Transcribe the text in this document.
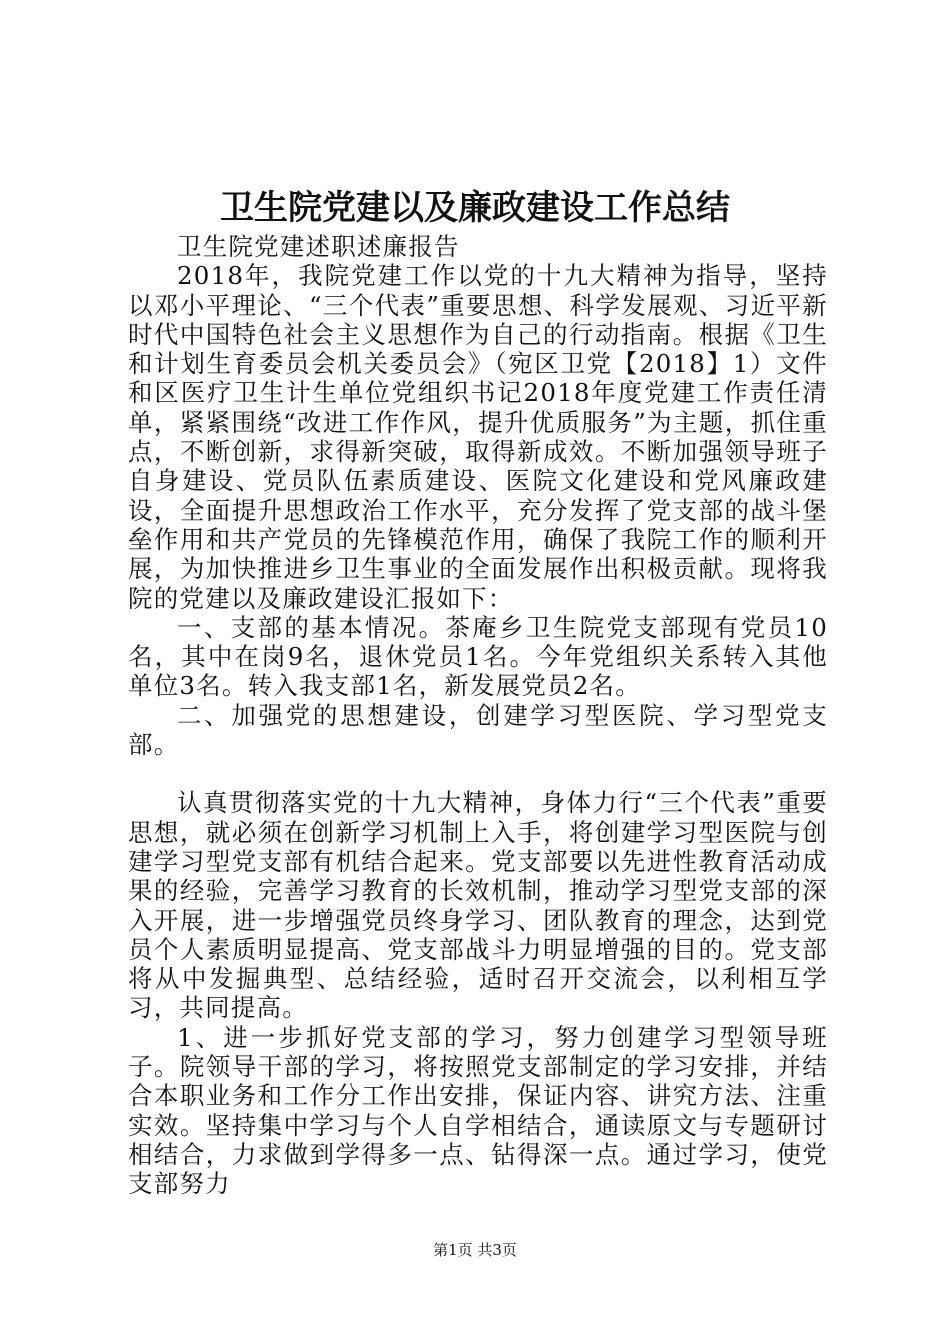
卫生院党建以及廉政建设工作总结

卫生院党建述职述廉报告

2018年，我院党建工作以党的十九大精神为指导，坚持以邓小平理论、“三个代表”重要思想、科学发展观、习近平新时代中国特色社会主义思想作为自己的行动指南。根据《卫生和计划生育委员会机关委员会》（宛区卫党【2018】1）文件和区医疗卫生计生单位党组织书记2018年度党建工作责任清单，紧紧围绕“改进工作作风，提升优质服务”为主题，抓住重点，不断创新，求得新突破，取得新成效。不断加强领导班子自身建设、党员队伍素质建设、医院文化建设和党风廉政建设，全面提升思想政治工作水平，充分发挥了党支部的战斗堡垒作用和共产党员的先锋模范作用，确保了我院工作的顺利开展，为加快推进乡卫生事业的全面发展作出积极贡献。现将我院的党建以及廉政建设汇报如下：

一、支部的基本情况。茶庵乡卫生院党支部现有党员10名，其中在岗9名，退休党员1名。今年党组织关系转入其他单位3名。转入我支部1名，新发展党员2名。

二、加强党的思想建设，创建学习型医院、学习型党支部。

认真贯彻落实党的十九大精神，身体力行“三个代表”重要思想，就必须在创新学习机制上入手，将创建学习型医院与创建学习型党支部有机结合起来。党支部要以先进性教育活动成果的经验，完善学习教育的长效机制，推动学习型党支部的深入开展，进一步增强党员终身学习、团队教育的理念，达到党员个人素质明显提高、党支部战斗力明显增强的目的。党支部将从中发掘典型、总结经验，适时召开交流会，以利相互学习，共同提高。

1、进一步抓好党支部的学习，努力创建学习型领导班子。院领导干部的学习，将按照党支部制定的学习安排，并结合本职业务和工作分工作出安排，保证内容、讲究方法、注重实效。坚持集中学习与个人自学相结合，通读原文与专题研讨相结合，力求做到学得多一点、钻得深一点。通过学习，使党支部努力

第1页 共3页
